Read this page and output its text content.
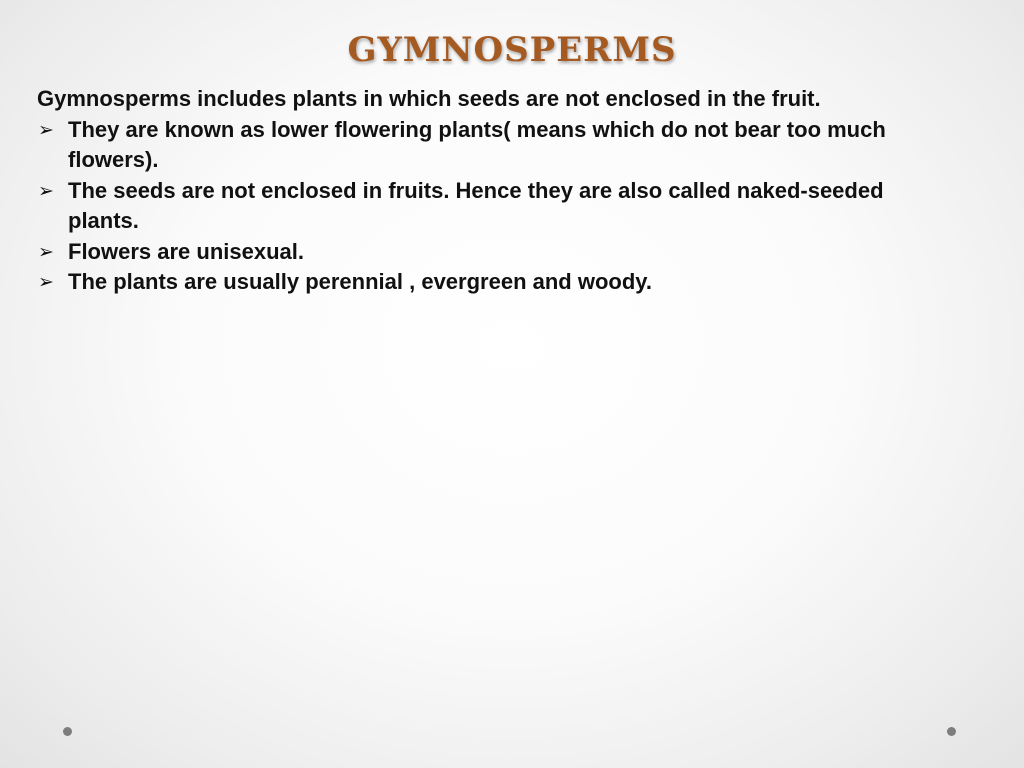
GYMNOSPERMS

Gymnosperms includes plants in which seeds are not enclosed in the fruit.

➢ They are known as lower flowering plants( means which do not bear too much flowers).
➢ The seeds are not enclosed in fruits. Hence they are also called naked-seeded plants.
➢ Flowers are unisexual.
➢ The plants are usually perennial , evergreen and woody.
